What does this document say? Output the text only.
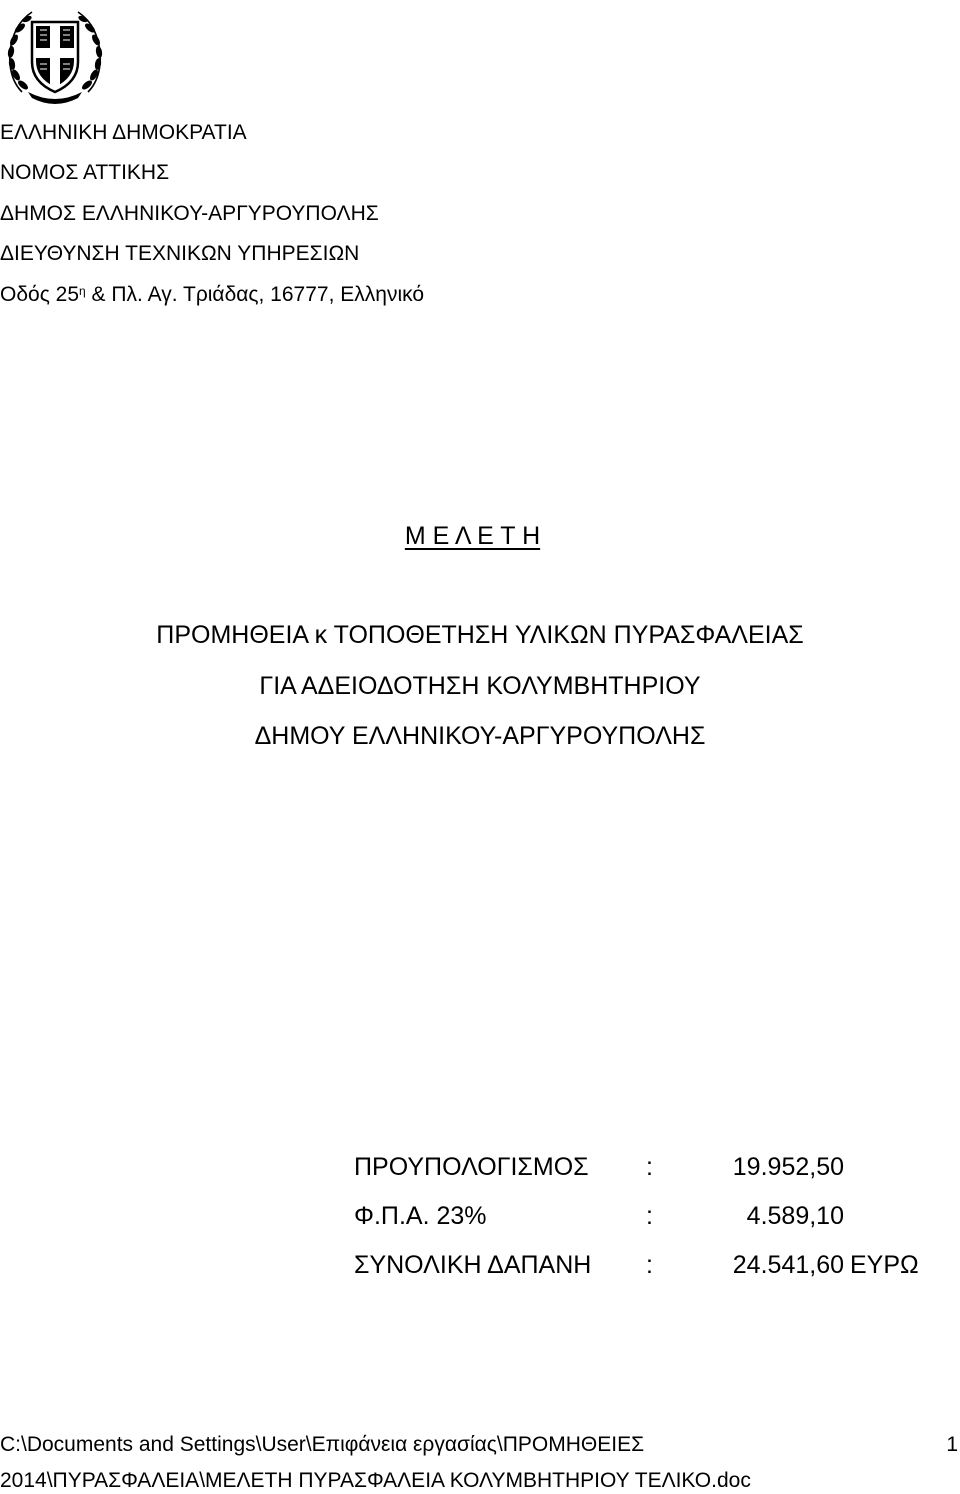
ΕΛΛΗΝΙΚΗ ΔΗΜΟΚΡΑΤΙΑ
ΝΟΜΟΣ ΑΤΤΙΚΗΣ
ΔΗΜΟΣ ΕΛΛΗΝΙΚΟΥ-ΑΡΓΥΡΟΥΠΟΛΗΣ
ΔΙΕΥΘΥΝΣΗ ΤΕΧΝΙΚΩΝ ΥΠΗΡΕΣΙΩΝ
Οδός $25^\eta$ & Πλ. Αγ. Τριάδας, 16777, Ελληνικό
Μ Ε Λ Ε Τ Η
ΠΡΟΜΗΘΕΙΑ κ ΤΟΠΟΘΕΤΗΣΗ ΥΛΙΚΩΝ ΠΥΡΑΣΦΑΛΕΙΑΣ
ΓΙΑ ΑΔΕΙΟΔΟΤΗΣΗ ΚΟΛΥΜΒΗΤΗΡΙΟΥ
ΔΗΜΟΥ ΕΛΛΗΝΙΚΟΥ-ΑΡΓΥΡΟΥΠΟΛΗΣ
ΠΡΟΥΠΟΛΟΓΙΣΜΟΣ :	19.952,50
Φ.Π.Α. 23%	:	4.589,10
ΣΥΝΟΛΙΚΗ ΔΑΠΑΝΗ :	24.541,60 ΕΥΡΩ
C:\Documents and Settings\User\Επιφάνεια εργασίας\ΠΡΟΜΗΘΕΙΕΣ
2014\ΠΥΡΑΣΦΑΛΕΙΑ\ΜΕΛΕΤΗ ΠΥΡΑΣΦΑΛΕΙΑ ΚΟΛΥΜΒΗΤΗΡΙΟΥ ΤΕΛΙΚΟ.doc
1
